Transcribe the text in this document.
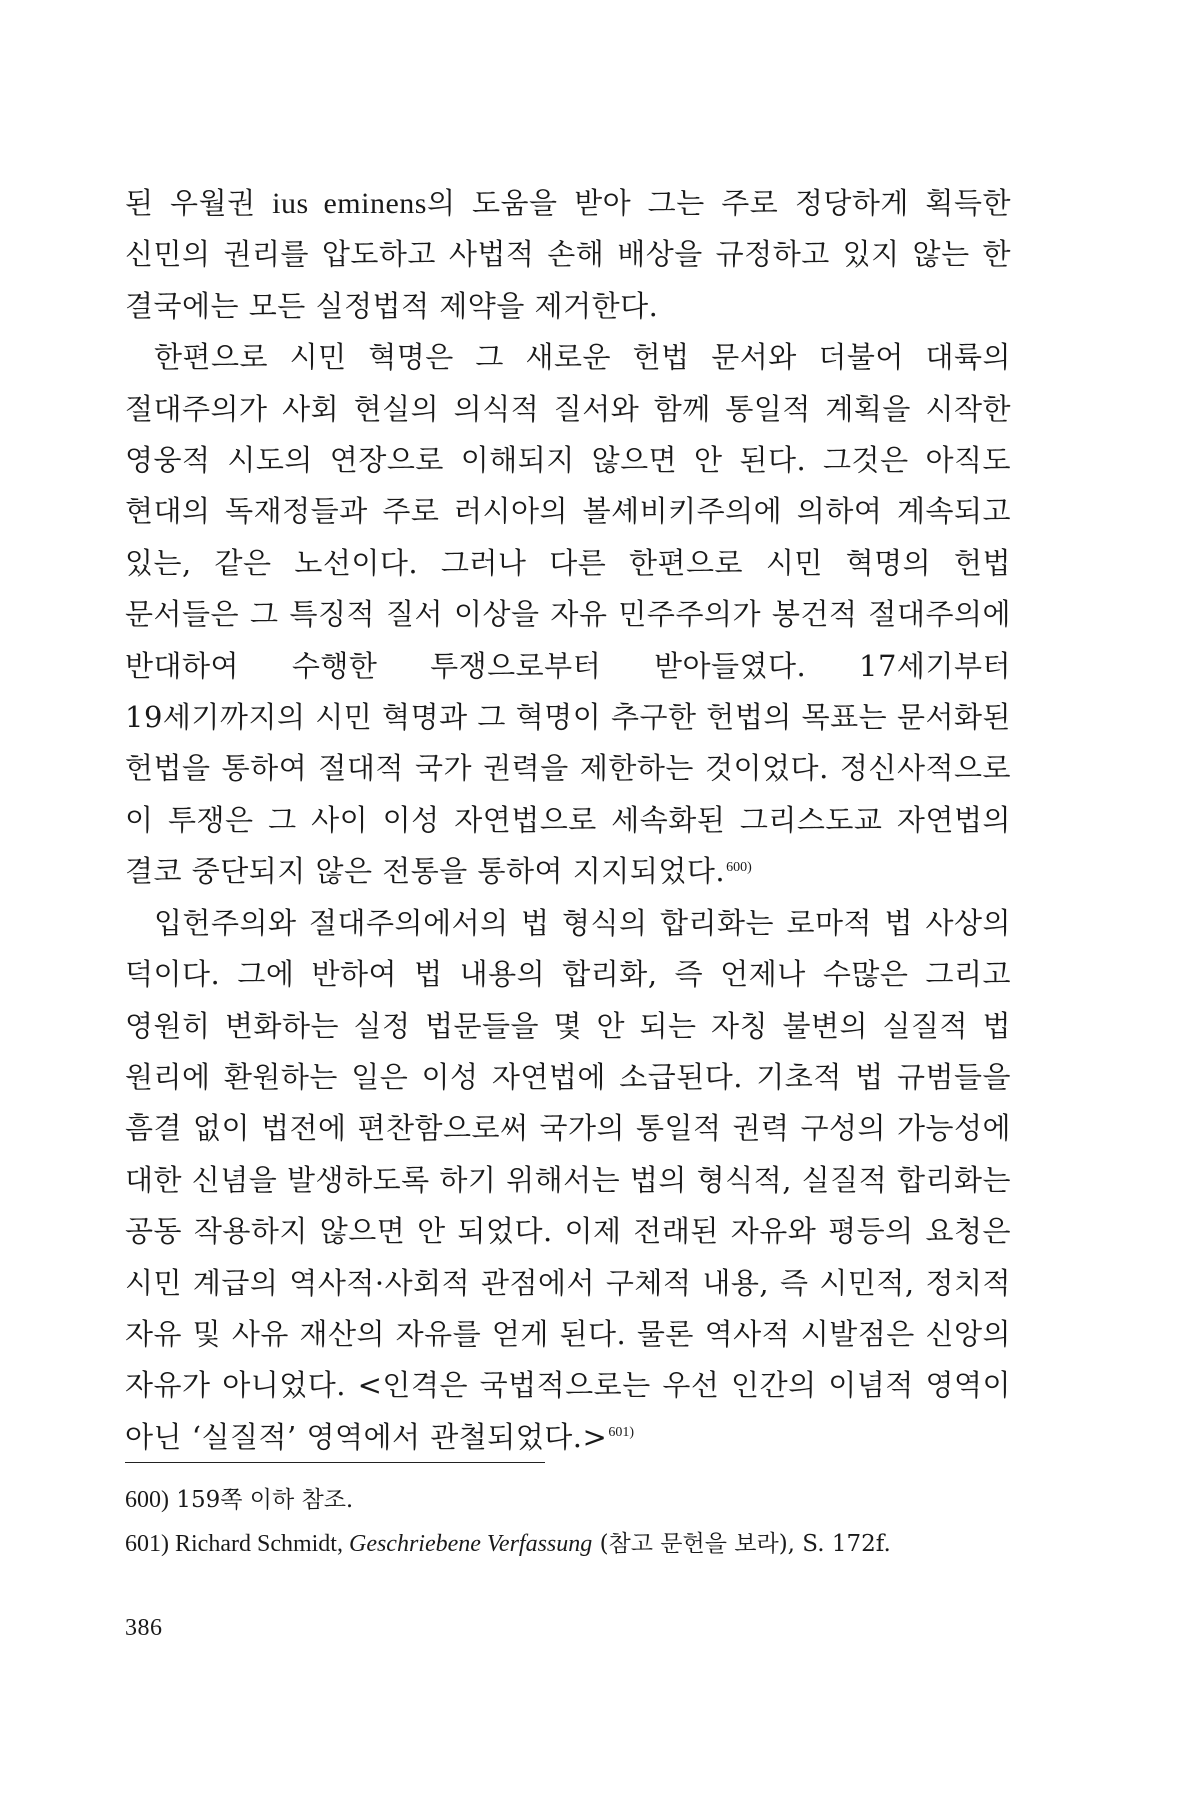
된 우월권 ius eminens의 도움을 받아 그는 주로 정당하게 획득한 신민의 권리를 압도하고 사법적 손해 배상을 규정하고 있지 않는 한 결국에는 모든 실정법적 제약을 제거한다.

한편으로 시민 혁명은 그 새로운 헌법 문서와 더불어 대륙의 절대주의가 사회 현실의 의식적 질서와 함께 통일적 계획을 시작한 영웅적 시도의 연장으로 이해되지 않으면 안 된다. 그것은 아직도 현대의 독재정들과 주로 러시아의 볼셰비키주의에 의하여 계속되고 있는, 같은 노선이다. 그러나 다른 한편으로 시민 혁명의 헌법 문서들은 그 특징적 질서 이상을 자유 민주주의가 봉건적 절대주의에 반대하여 수행한 투쟁으로부터 받아들였다. 17세기부터 19세기까지의 시민 혁명과 그 혁명이 추구한 헌법의 목표는 문서화된 헌법을 통하여 절대적 국가 권력을 제한하는 것이었다. 정신사적으로 이 투쟁은 그 사이 이성 자연법으로 세속화된 그리스도교 자연법의 결코 중단되지 않은 전통을 통하여 지지되었다.$^{600)}$

입헌주의와 절대주의에서의 법 형식의 합리화는 로마적 법 사상의 덕이다. 그에 반하여 법 내용의 합리화, 즉 언제나 수많은 그리고 영원히 변화하는 실정 법문들을 몇 안 되는 자칭 불변의 실질적 법 원리에 환원하는 일은 이성 자연법에 소급된다. 기초적 법 규범들을 흠결 없이 법전에 편찬함으로써 국가의 통일적 권력 구성의 가능성에 대한 신념을 발생하도록 하기 위해서는 법의 형식적, 실질적 합리화는 공동 작용하지 않으면 안 되었다. 이제 전래된 자유와 평등의 요청은 시민 계급의 역사적·사회적 관점에서 구체적 내용, 즉 시민적, 정치적 자유 및 사유 재산의 자유를 얻게 된다. 물론 역사적 시발점은 신앙의 자유가 아니었다. <인격은 국법적으로는 우선 인간의 이념적 영역이 아닌 ‘실질적’ 영역에서 관철되었다.>$^{601)}$

600) 159쪽 이하 참조.

601) Richard Schmidt, Geschriebene Verfassung (참고 문헌을 보라), S. 172f.

386
